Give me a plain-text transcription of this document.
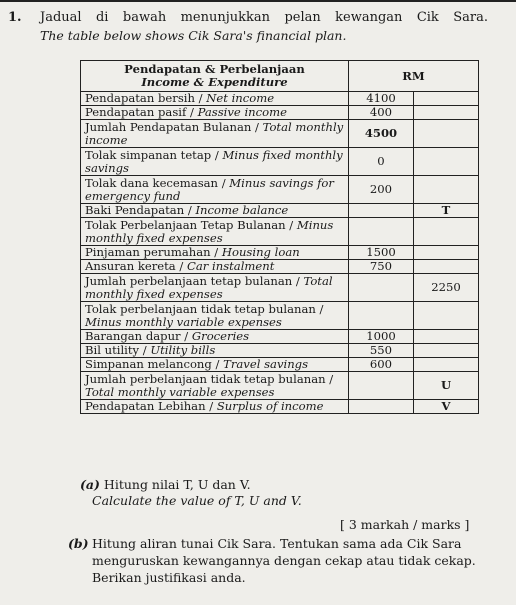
1. Jadual di bawah menunjukkan pelan kewangan Cik Sara.
The table below shows Cik Sara's financial plan.
Pendapatan & Perbelanjaan
Income & Expenditure	RM	
Pendapatan bersih / Net income	4100	
Pendapatan pasif / Passive income	400	
Jumlah Pendapatan Bulanan / Total monthly income	4500	
Tolak simpanan tetap / Minus fixed monthly savings	0	
Tolak dana kecemasan / Minus savings for emergency fund	200	
Baki Pendapatan / Income balance		T
Tolak Perbelanjaan Tetap Bulanan / Minus monthly fixed expenses		
Pinjaman perumahan / Housing loan	1500	
Ansuran kereta / Car instalment	750	
Jumlah perbelanjaan tetap bulanan / Total monthly fixed expenses		2250
Tolak perbelanjaan tidak tetap bulanan / Minus monthly variable expenses		
Barangan dapur / Groceries	1000	
Bil utility / Utility bills	550	
Simpanan melancong / Travel savings	600	
Jumlah perbelanjaan tidak tetap bulanan / Total monthly variable expenses		U
Pendapatan Lebihan / Surplus of income		V
(a) Hitung nilai T, U dan V.
Calculate the value of T, U and V.
[ 3 markah / marks ]
(b) Hitung aliran tunai Cik Sara. Tentukan sama ada Cik Sara menguruskan kewangannya dengan cekap atau tidak cekap. Berikan justifikasi anda.
